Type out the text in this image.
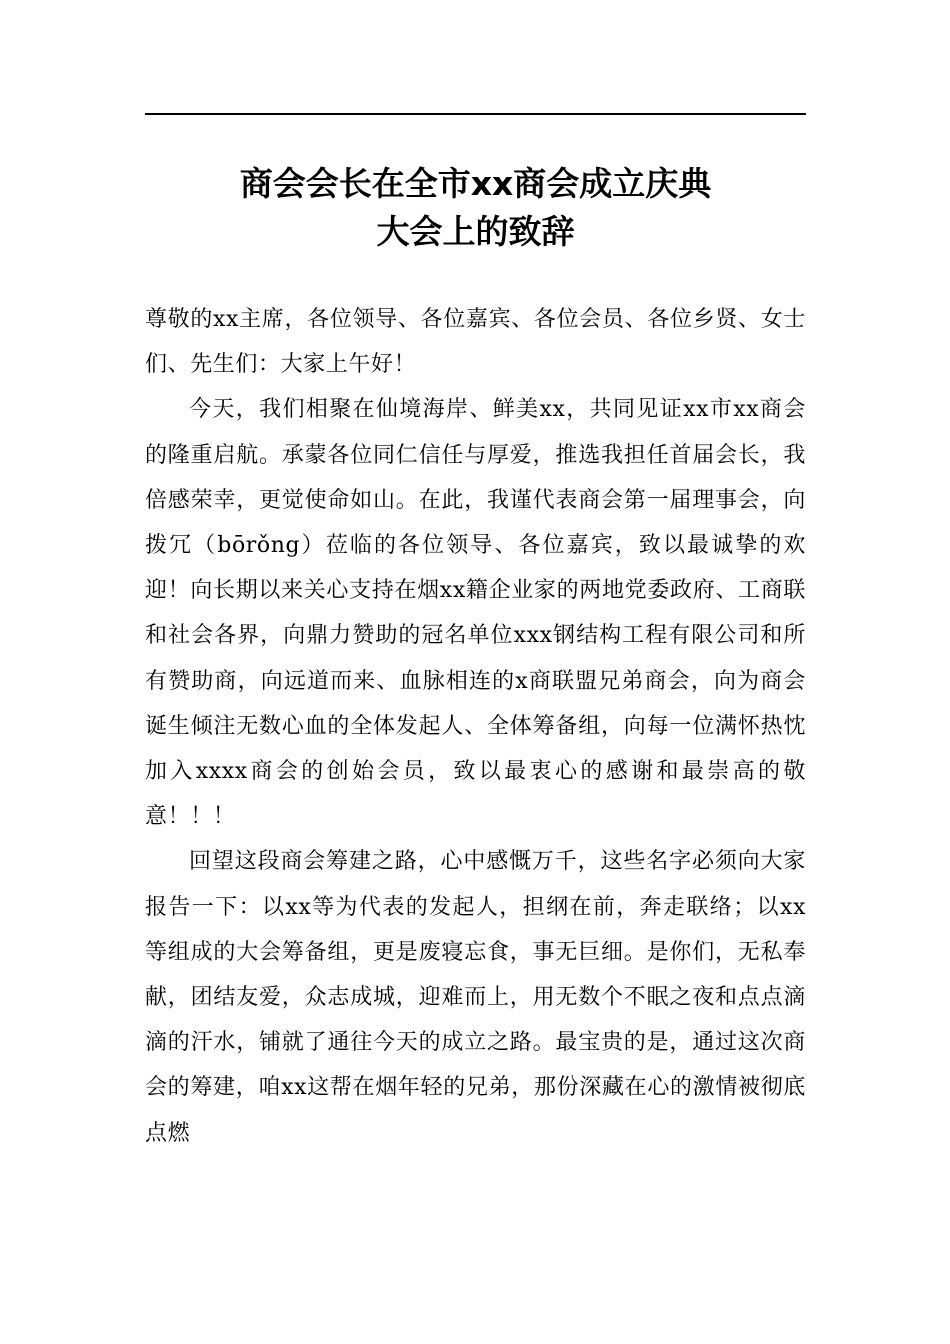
商会会长在全市xx商会成立庆典
大会上的致辞

尊敬的xx主席，各位领导、各位嘉宾、各位会员、各位乡贤、女士们、先生们：大家上午好！

今天，我们相聚在仙境海岸、鲜美xx，共同见证xx市xx商会的隆重启航。承蒙各位同仁信任与厚爱，推选我担任首届会长，我倍感荣幸，更觉使命如山。在此，我谨代表商会第一届理事会，向拨冗（bōrǒng）莅临的各位领导、各位嘉宾，致以最诚挚的欢迎！向长期以来关心支持在烟xx籍企业家的两地党委政府、工商联和社会各界，向鼎力赞助的冠名单位xxx钢结构工程有限公司和所有赞助商，向远道而来、血脉相连的x商联盟兄弟商会，向为商会诞生倾注无数心血的全体发起人、全体筹备组，向每一位满怀热忱加入xxxx商会的创始会员，致以最衷心的感谢和最崇高的敬意！！！

回望这段商会筹建之路，心中感慨万千，这些名字必须向大家报告一下：以xx等为代表的发起人，担纲在前，奔走联络；以xx等组成的大会筹备组，更是废寝忘食，事无巨细。是你们，无私奉献，团结友爱，众志成城，迎难而上，用无数个不眠之夜和点点滴滴的汗水，铺就了通往今天的成立之路。最宝贵的是，通过这次商会的筹建，咱xx这帮在烟年轻的兄弟，那份深藏在心的激情被彻底点燃
